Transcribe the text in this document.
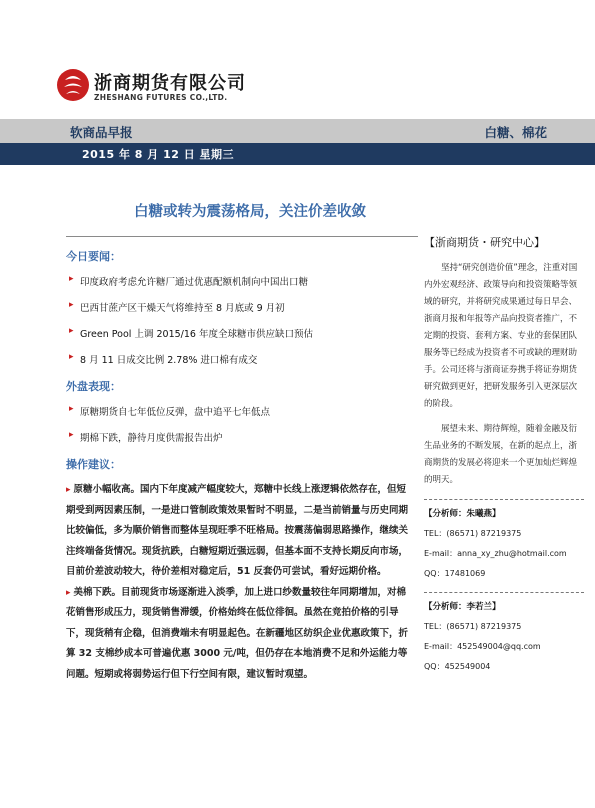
浙商期货有限公司
ZHESHANG FUTURES CO.,LTD.
软商品早报	白糖、棉花
2015 年 8 月 12 日 星期三
白糖或转为震荡格局，关注价差收敛
今日要闻：
▸ 印度政府考虑允许糖厂通过优惠配额机制向中国出口糖
▸ 巴西甘蔗产区干燥天气将维持至 8 月底或 9 月初
▸ Green Pool 上调 2015/16 年度全球糖市供应缺口预估
▸ 8 月 11 日成交比例 2.78% 进口棉有成交
外盘表现：
▸ 原糖期货自七年低位反弹，盘中追平七年低点
▸ 期棉下跌，静待月度供需报告出炉
操作建议：

▸ 原糖小幅收高。国内下年度减产幅度较大，郑糖中长线上涨逻辑依然存在，但短期受到两因素压制，一是进口管制政策效果暂时不明显，二是当前销量与历史同期比较偏低，多为顺价销售而整体呈现旺季不旺格局。按震荡偏弱思路操作，继续关注终端备货情况。现货抗跌，白糖短期近强远弱，但基本面不支持长期反向市场，目前价差波动较大，待价差相对稳定后，51 反套仍可尝试，看好远期价格。

▸ 美棉下跌。目前现货市场逐渐进入淡季，加上进口纱数量较往年同期增加，对棉花销售形成压力，现货销售滞缓，价格始终在低位徘徊。虽然在竞拍价格的引导下，现货稍有企稳，但消费端未有明显起色。在新疆地区纺织企业优惠政策下，折算 32 支棉纱成本可普遍优惠 3000 元/吨，但仍存在本地消费不足和外运能力等问题。短期或将弱势运行但下行空间有限，建议暂时观望。

【浙商期货・研究中心】

坚持“研究创造价值”理念，注重对国内外宏观经济、政策导向和投资策略等领域的研究，并将研究成果通过每日早会、浙商月报和年报等产品向投资者推广，不定期的投资、套利方案、专业的套保团队服务等已经成为投资者不可或缺的理财助手。公司还将与浙商证券携手将证券期货研究做到更好，把研发服务引入更深层次的阶段。

展望未来、期待辉煌，随着金融及衍生品业务的不断发展，在新的起点上，浙商期货的发展必将迎来一个更加灿烂辉煌的明天。

【分析师：朱曦燕】
TEL：(86571) 87219375
E-mail：anna_xy_zhu@hotmail.com
QQ：17481069
【分析师：李若兰】
TEL：(86571) 87219375
E-mail：452549004@qq.com
QQ：452549004
